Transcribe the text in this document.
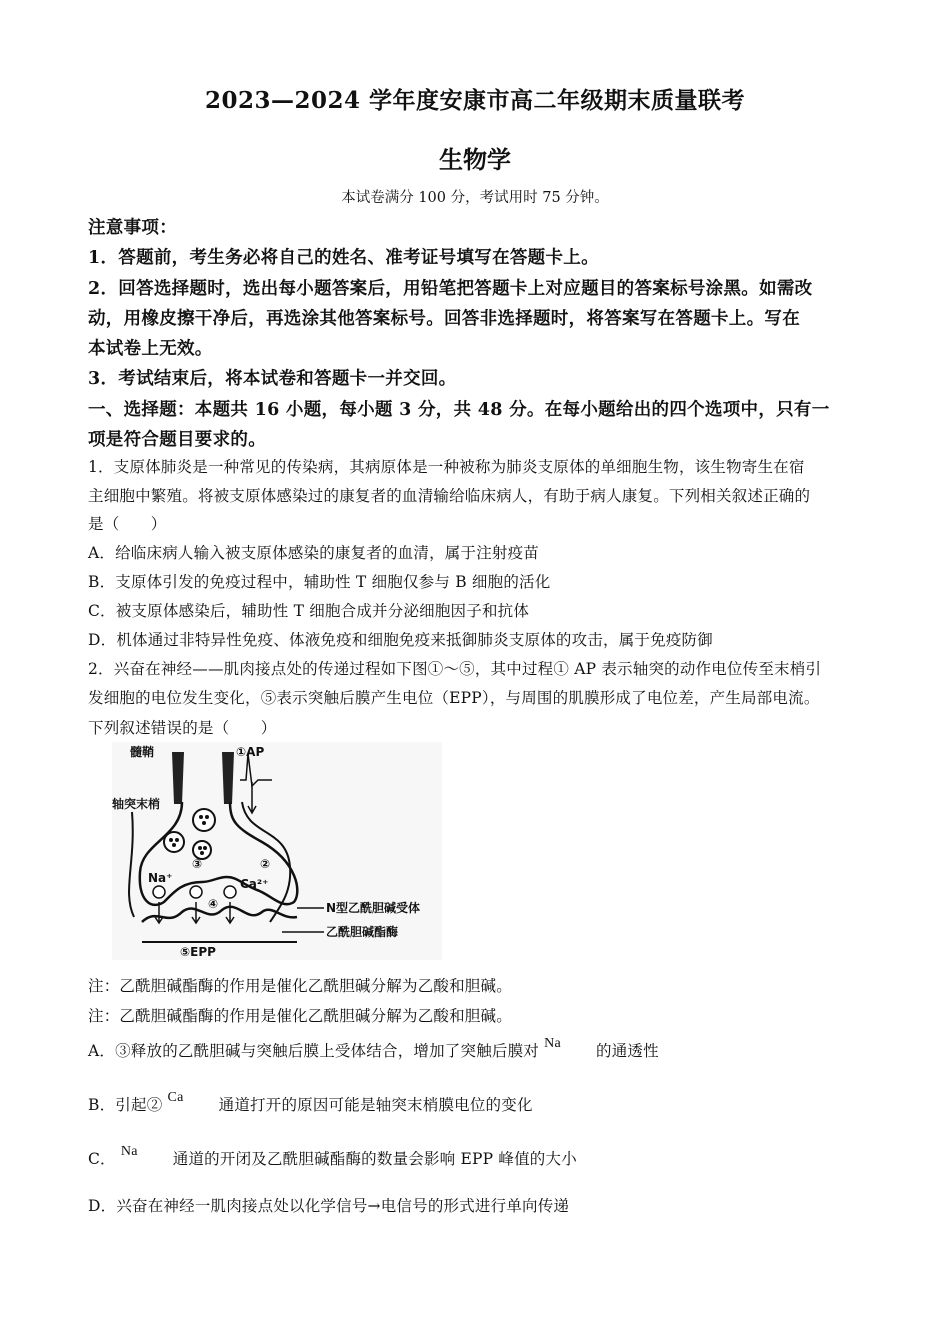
2023—2024 学年度安康市高二年级期末质量联考
生物学
本试卷满分 100 分，考试用时 75 分钟。
注意事项：
1．答题前，考生务必将自己的姓名、准考证号填写在答题卡上。
2．回答选择题时，选出每小题答案后，用铅笔把答题卡上对应题目的答案标号涂黑。如需改
动，用橡皮擦干净后，再选涂其他答案标号。回答非选择题时，将答案写在答题卡上。写在
本试卷上无效。
3．考试结束后，将本试卷和答题卡一并交回。
一、选择题：本题共 16 小题，每小题 3 分，共 48 分。在每小题给出的四个选项中，只有一
项是符合题目要求的。
1．支原体肺炎是一种常见的传染病，其病原体是一种被称为肺炎支原体的单细胞生物，该生物寄生在宿
主细胞中繁殖。将被支原体感染过的康复者的血清输给临床病人，有助于病人康复。下列相关叙述正确的
是（　　）
A．给临床病人输入被支原体感染的康复者的血清，属于注射疫苗
B．支原体引发的免疫过程中，辅助性 T 细胞仅参与 B 细胞的活化
C．被支原体感染后，辅助性 T 细胞合成并分泌细胞因子和抗体
D．机体通过非特异性免疫、体液免疫和细胞免疫来抵御肺炎支原体的攻击，属于免疫防御
2．兴奋在神经——肌肉接点处的传递过程如下图①～⑤，其中过程① AP 表示轴突的动作电位传至末梢引
发细胞的电位发生变化，⑤表示突触后膜产生电位（EPP），与周围的肌膜形成了电位差，产生局部电流。
下列叙述错误的是（　　）
髓鞘
轴突末梢
①AP
②
③
④
Ca²⁺
Na⁺
N型乙酰胆碱受体
乙酰胆碱酯酶
⑤EPP
注：乙酰胆碱酯酶的作用是催化乙酰胆碱分解为乙酸和胆碱。
注：乙酰胆碱酯酶的作用是催化乙酰胆碱分解为乙酸和胆碱。
A．③释放的乙酰胆碱与突触后膜上受体结合，增加了突触后膜对 Na 的通透性
B．引起② Ca 通道打开的原因可能是轴突末梢膜电位的变化
C． Na 通道的开闭及乙酰胆碱酯酶的数量会影响 EPP 峰值的大小
D．兴奋在神经一肌肉接点处以化学信号→电信号的形式进行单向传递
